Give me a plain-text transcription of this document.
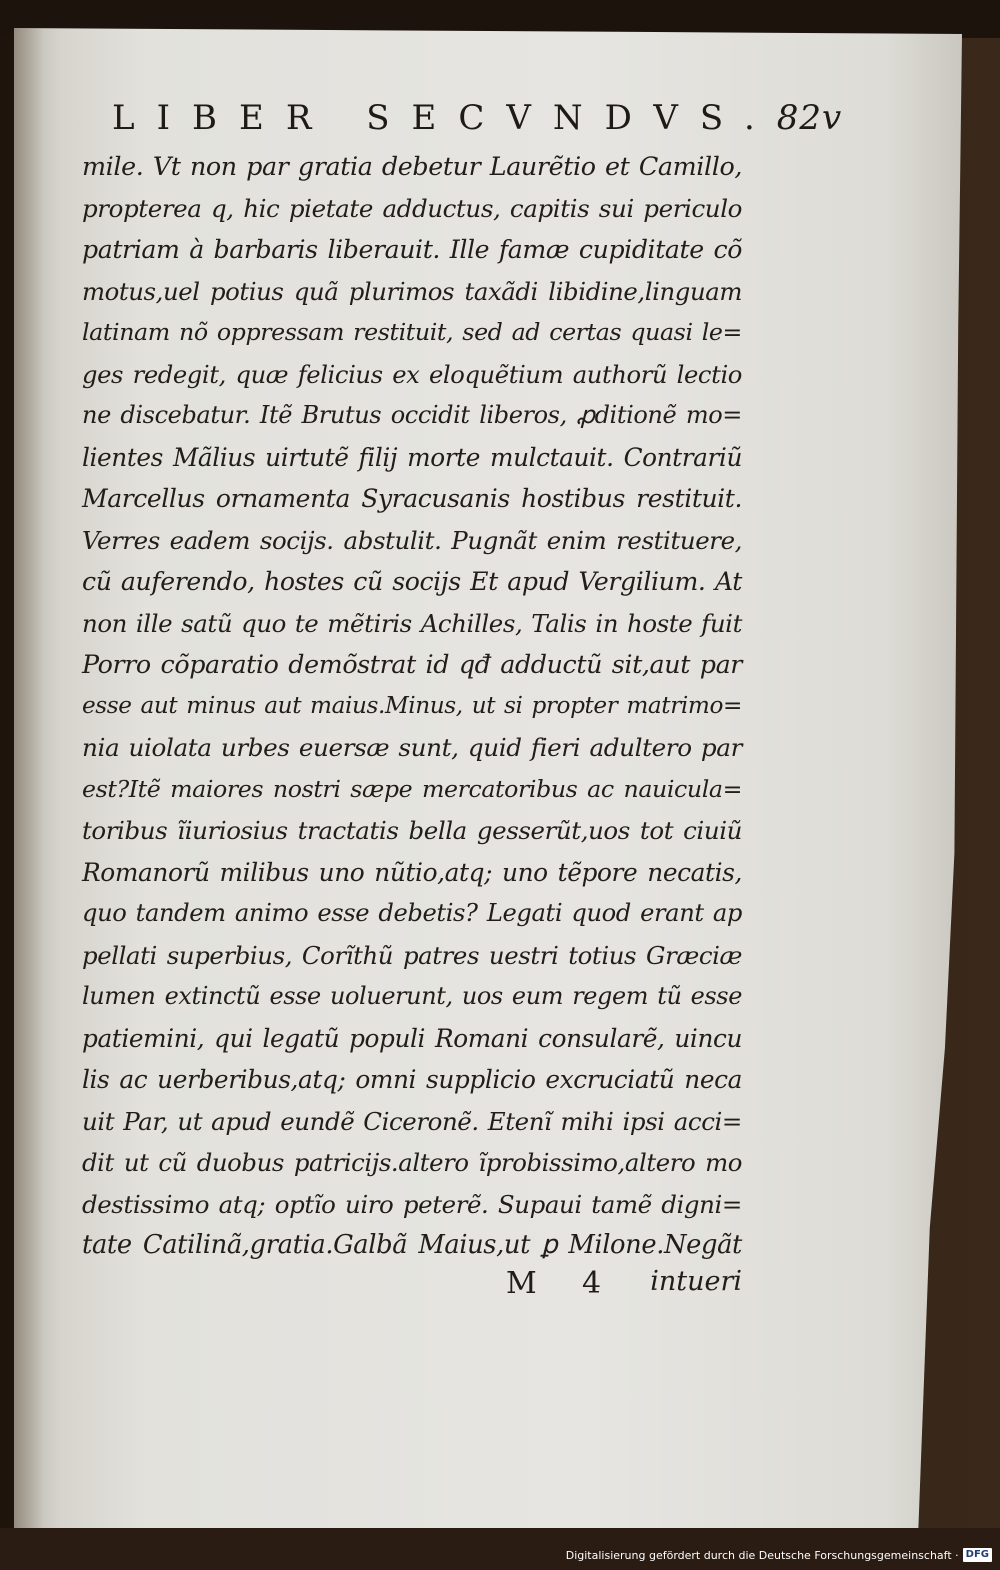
LIBER SECVNDVS. 82v
mile. Vt non par gratia debetur Laurẽtio et Camillo,
propterea q, hic pietate adductus, capitis sui periculo
patriam à barbaris liberauit. Ille famæ cupiditate cõ
motus,uel potius quã plurimos taxãdi libidine,linguam
latinam nõ oppressam restituit, sed ad certas quasi le=
ges redegit, quæ felicius ex eloquẽtium authorũ lectio
ne discebatur. Itẽ Brutus occidit liberos, ꝓditionẽ mo=
lientes Mãlius uirtutẽ filij morte mulctauit. Contrariũ
Marcellus ornamenta Syracusanis hostibus restituit.
Verres eadem socijs. abstulit. Pugnãt enim restituere,
cũ auferendo, hostes cũ socijs Et apud Vergilium. At
non ille satũ quo te mẽtiris Achilles, Talis in hoste fuit
Porro cõparatio demõstrat id qđ adductũ sit,aut par
esse aut minus aut maius.Minus, ut si propter matrimo=
nia uiolata urbes euersæ sunt, quid fieri adultero par
est?Itẽ maiores nostri sæpe mercatoribus ac nauicula=
toribus ĩiuriosius tractatis bella gesserũt,uos tot ciuiũ
Romanorũ milibus uno nũtio,atq; uno tẽpore necatis,
quo tandem animo esse debetis? Legati quod erant ap
pellati superbius, Corĩthũ patres uestri totius Græciæ
lumen extinctũ esse uoluerunt, uos eum regem tũ esse
patiemini, qui legatũ populi Romani consularẽ, uincu
lis ac uerberibus,atq; omni supplicio excruciatũ neca
uit Par, ut apud eundẽ Ciceronẽ. Etenĩ mihi ipsi acci=
dit ut cũ duobus patricijs.altero ĩprobissimo,altero mo
destissimo atq; optĩo uiro peterẽ. Supaui tamẽ digni=
tate Catilinã,gratia.Galbã Maius,ut ꝑ Milone.Negãt
M 4 intueri
Digitalisierung gefördert durch die Deutsche Forschungsgemeinschaft · DFG
